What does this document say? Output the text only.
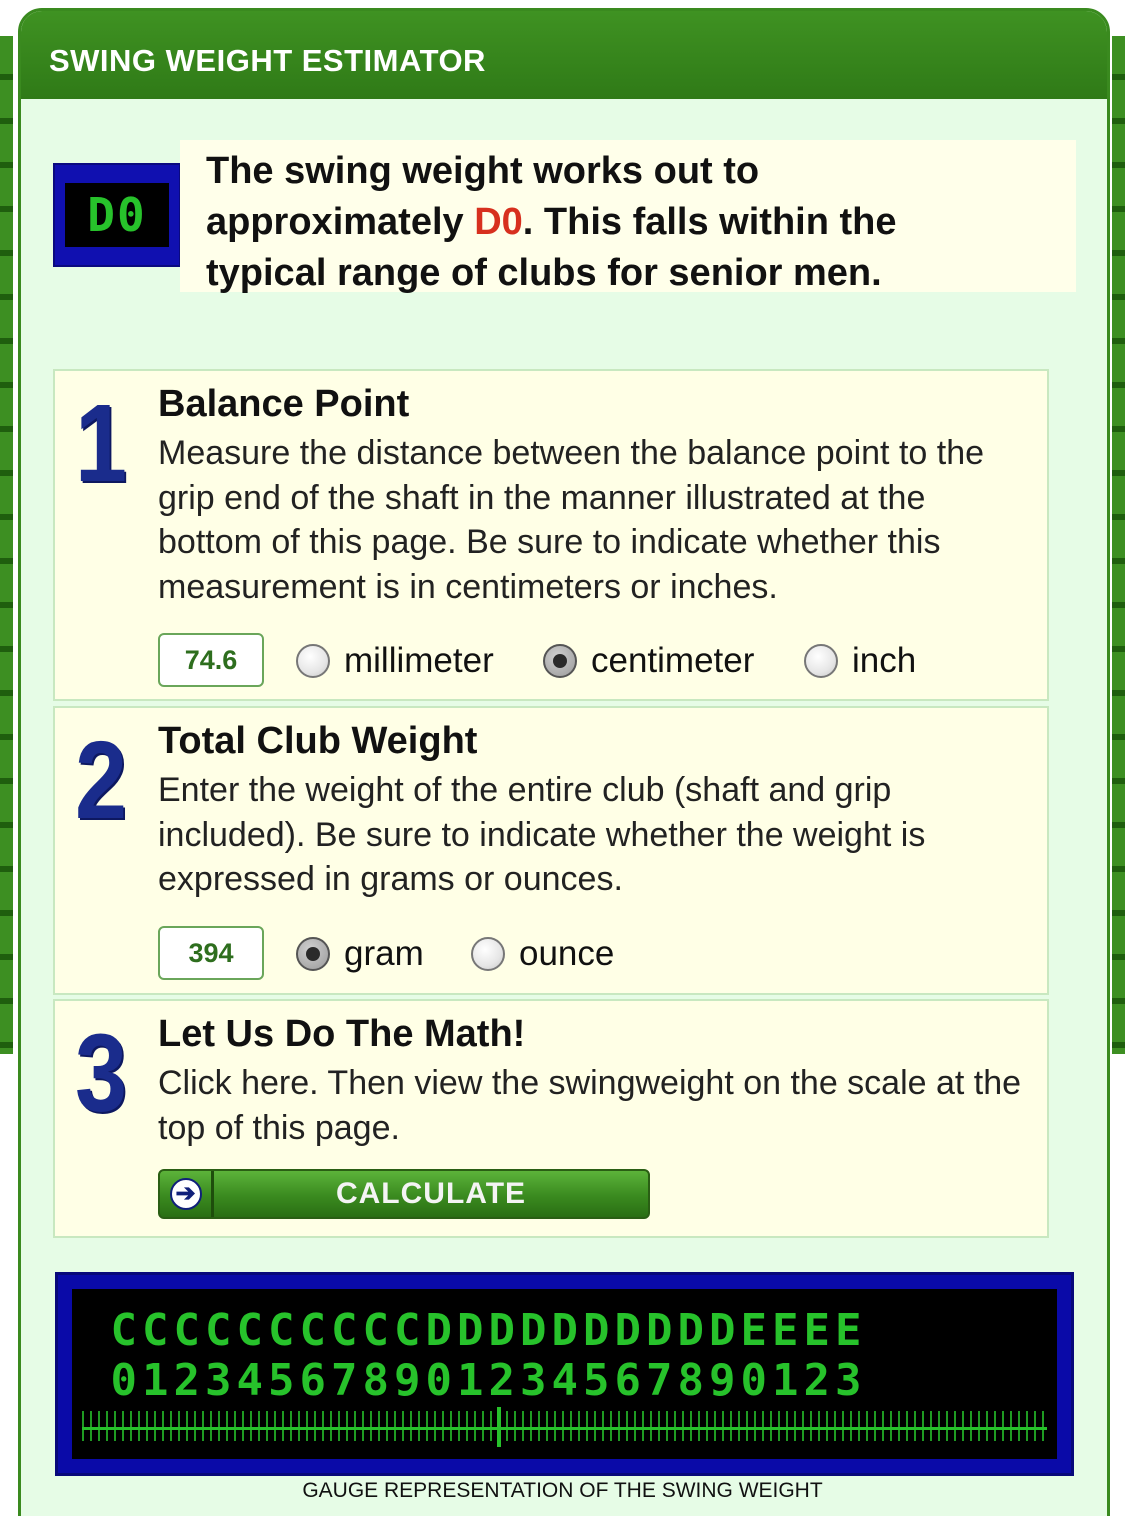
SWING WEIGHT ESTIMATOR
D0
The swing weight works out to
approximately D0. This falls within the
typical range of clubs for senior men.
1 Balance Point
Measure the distance between the balance point to the grip end of the shaft in the manner illustrated at the bottom of this page. Be sure to indicate whether this measurement is in centimeters or inches.
74.6
millimeter	centimeter	inch
2 Total Club Weight
Enter the weight of the entire club (shaft and grip included). Be sure to indicate whether the weight is expressed in grams or ounces.
394
gram	ounce
3 Let Us Do The Math!
Click here. Then view the swingweight on the scale at the top of this page.
➔	CALCULATE
C C C C C C C C C C D D D D D D D D D D E E E E
0 1 2 3 4 5 6 7 8 9 0 1 2 3 4 5 6 7 8 9 0 1 2 3
GAUGE REPRESENTATION OF THE SWING WEIGHT
